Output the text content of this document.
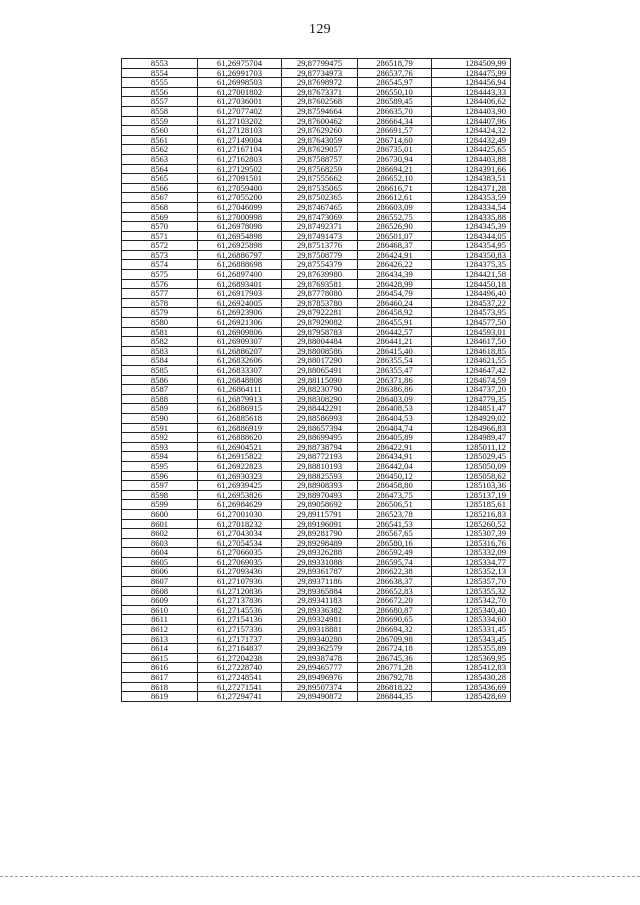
129
8553	61,26975704	29,87799475	286518,79	1284509,99
8554	61,26991703	29,87734973	286537,76	1284475,99
8555	61,26998503	29,87698972	286545,97	1284456,94
8556	61,27001802	29,87673371	286550,10	1284443,33
8557	61,27036001	29,87602568	286589,45	1284406,62
8558	61,27077402	29,87594664	286635,70	1284403,90
8559	61,27103202	29,87600462	286664,34	1284407,96
8560	61,27128103	29,87629260	286691,57	1284424,32
8561	61,27149004	29,87643059	286714,60	1284432,49
8562	61,27167104	29,87629057	286735,01	1284425,65
8563	61,27162803	29,87588757	286730,94	1284403,88
8564	61,27129502	29,87568259	286694,21	1284391,66
8565	61,27091501	29,87555662	286652,10	1284383,51
8566	61,27059400	29,87535065	286616,71	1284371,28
8567	61,27055200	29,87502365	286612,61	1284353,59
8568	61,27046099	29,87467465	286603,09	1284334,54
8569	61,27000998	29,87473069	286552,75	1284335,88
8570	61,26978098	29,87492371	286526,90	1284345,39
8571	61,26954898	29,87491473	286501,07	1284344,05
8572	61,26925898	29,87513776	286468,37	1284354,95
8573	61,26886797	29,87508779	286424,91	1284350,83
8574	61,26888698	29,87554379	286426,22	1284375,35
8575	61,26897400	29,87639980	286434,39	1284421,58
8576	61,26893401	29,87693581	286428,99	1284450,18
8577	61,26917903	29,87778080	286454,79	1284496,40
8578	61,26924005	29,87853780	286460,24	1284537,22
8579	61,26923906	29,87922281	286458,92	1284573,95
8580	61,26921306	29,87929082	286455,91	1284577,50
8581	61,26909806	29,87958783	286442,57	1284593,01
8582	61,26909307	29,88004484	286441,21	1284617,50
8583	61,26886207	29,88008586	286415,40	1284618,85
8584	61,26832606	29,88017290	286355,54	1284621,55
8585	61,26833307	29,88065491	286355,47	1284647,42
8586	61,26848808	29,88115090	286371,86	1284674,59
8587	61,26864111	29,88230790	286386,86	1284737,20
8588	61,26879913	29,88308290	286403,09	1284779,35
8589	61,26886915	29,88442291	286408,53	1284851,47
8590	61,26885618	29,88586993	286404,53	1284929,02
8591	61,26886919	29,88657394	286404,74	1284966,83
8592	61,26888620	29,88699495	286405,89	1284989,47
8593	61,26904521	29,88738794	286422,91	1285011,12
8594	61,26915822	29,88772193	286434,91	1285029,45
8595	61,26922823	29,88810193	286442,04	1285050,09
8596	61,26930323	29,88825593	286450,12	1285058,62
8597	61,26939425	29,88908393	286458,80	1285103,36
8598	61,26953826	29,88970493	286473,75	1285137,19
8599	61,26984629	29,89058692	286506,51	1285185,61
8600	61,27001030	29,89115791	286523,78	1285216,83
8601	61,27018232	29,89196091	286541,53	1285260,52
8602	61,27043034	29,89281790	286567,65	1285307,39
8603	61,27054534	29,89298489	286580,16	1285316,76
8604	61,27066035	29,89326288	286592,49	1285332,09
8605	61,27069035	29,89331088	286595,74	1285334,77
8606	61,27093436	29,89361787	286622,38	1285352,13
8607	61,27107936	29,89371186	286638,37	1285357,70
8608	61,27120836	29,89365884	286652,83	1285355,32
8609	61,27137836	29,89341183	286672,20	1285342,70
8610	61,27145536	29,89336382	286680,87	1285340,40
8611	61,27154136	29,89324981	286690,65	1285334,60
8612	61,27157336	29,89318881	286694,32	1285331,45
8613	61,27171737	29,89340280	286709,98	1285343,45
8614	61,27184837	29,89362579	286724,18	1285355,89
8615	61,27204238	29,89387478	286745,36	1285369,95
8616	61,27228740	29,89465777	286771,28	1285412,83
8617	61,27248541	29,89496976	286792,78	1285430,28
8618	61,27271541	29,89507374	286818,22	1285436,69
8619	61,27294741	29,89490872	286844,35	1285428,69
